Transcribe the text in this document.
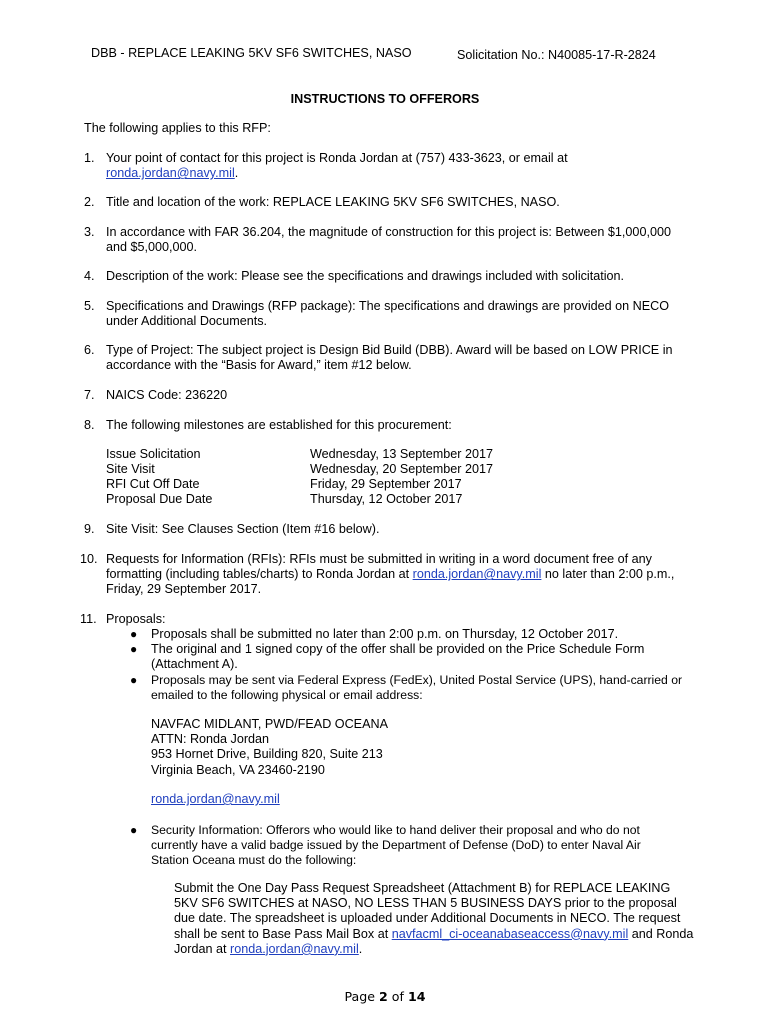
DBB - REPLACE LEAKING 5KV SF6 SWITCHES, NASO	Solicitation No.: N40085-17-R-2824
INSTRUCTIONS TO OFFERORS
The following applies to this RFP:
1. Your point of contact for this project is Ronda Jordan at (757) 433-3623, or email at
ronda.jordan@navy.mil.
2. Title and location of the work: REPLACE LEAKING 5KV SF6 SWITCHES, NASO.
3. In accordance with FAR 36.204, the magnitude of construction for this project is: Between $1,000,000
and $5,000,000.
4. Description of the work: Please see the specifications and drawings included with solicitation.
5. Specifications and Drawings (RFP package): The specifications and drawings are provided on NECO
under Additional Documents.
6. Type of Project: The subject project is Design Bid Build (DBB). Award will be based on LOW PRICE in
accordance with the “Basis for Award,” item #12 below.
7. NAICS Code: 236220
8. The following milestones are established for this procurement:
Issue Solicitation	Wednesday, 13 September 2017
Site Visit	Wednesday, 20 September 2017
RFI Cut Off Date	Friday, 29 September 2017
Proposal Due Date	Thursday, 12 October 2017
9. Site Visit: See Clauses Section (Item #16 below).
10. Requests for Information (RFIs): RFIs must be submitted in writing in a word document free of any
formatting (including tables/charts) to Ronda Jordan at ronda.jordan@navy.mil no later than 2:00 p.m.,
Friday, 29 September 2017.
11. Proposals:
● Proposals shall be submitted no later than 2:00 p.m. on Thursday, 12 October 2017.
● The original and 1 signed copy of the offer shall be provided on the Price Schedule Form
(Attachment A).
● Proposals may be sent via Federal Express (FedEx), United Postal Service (UPS), hand-carried or
emailed to the following physical or email address:
NAVFAC MIDLANT, PWD/FEAD OCEANA
ATTN: Ronda Jordan
953 Hornet Drive, Building 820, Suite 213
Virginia Beach, VA 23460-2190
ronda.jordan@navy.mil
● Security Information: Offerors who would like to hand deliver their proposal and who do not
currently have a valid badge issued by the Department of Defense (DoD) to enter Naval Air
Station Oceana must do the following:
Submit the One Day Pass Request Spreadsheet (Attachment B) for REPLACE LEAKING
5KV SF6 SWITCHES at NASO, NO LESS THAN 5 BUSINESS DAYS prior to the proposal
due date. The spreadsheet is uploaded under Additional Documents in NECO. The request
shall be sent to Base Pass Mail Box at navfacml_ci-oceanabaseaccess@navy.mil and Ronda
Jordan at ronda.jordan@navy.mil.
Page 2 of 14
